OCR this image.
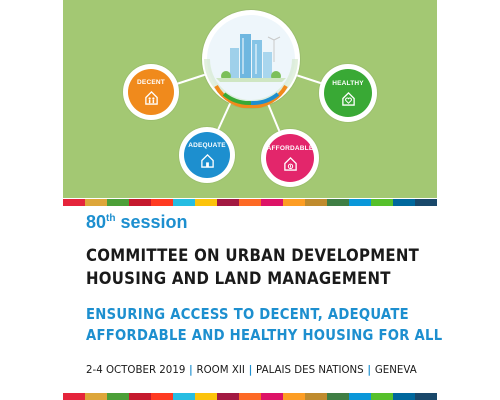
DECENT	HEALTHY
ADEQUATE	AFFORDABLE
80th session
COMMITTEE ON URBAN DEVELOPMENT
HOUSING AND LAND MANAGEMENT
ENSURING ACCESS TO DECENT, ADEQUATE
AFFORDABLE AND HEALTHY HOUSING FOR ALL
2-4 OCTOBER 2019 | ROOM XII | PALAIS DES NATIONS | GENEVA
